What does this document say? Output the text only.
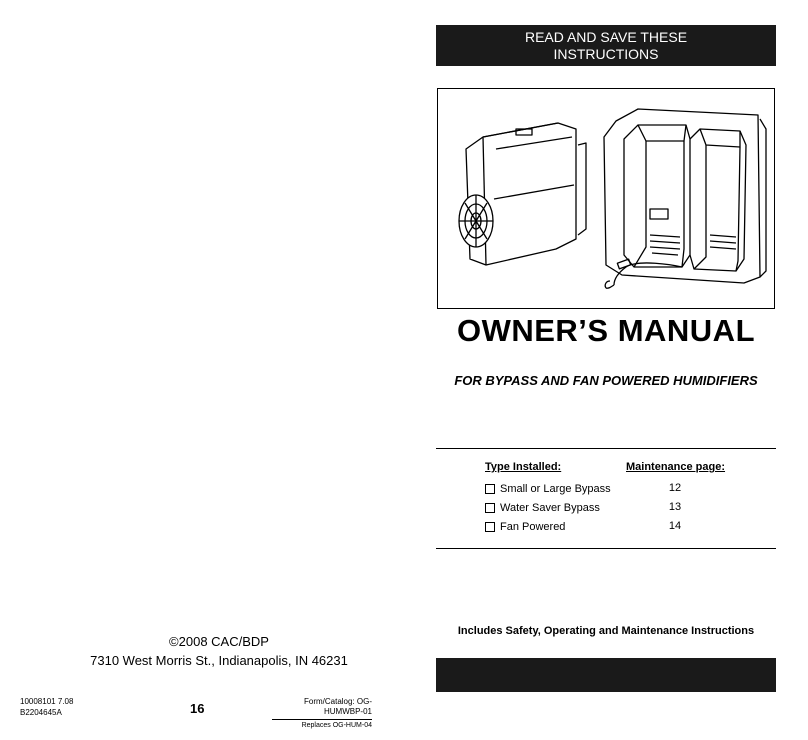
©2008 CAC/BDP
7310 West Morris St., Indianapolis, IN 46231
10008101 7.08
B2204645A	16	Form/Catalog: OG-HUMWBP-01
Replaces OG-HUM-04
READ AND SAVE THESE
INSTRUCTIONS
OWNER’S MANUAL
FOR BYPASS AND FAN POWERED HUMIDIFIERS
Type Installed:	Maintenance page:
Small or Large Bypass	12
Water Saver Bypass	13
Fan Powered	14
Includes Safety, Operating and Maintenance Instructions
